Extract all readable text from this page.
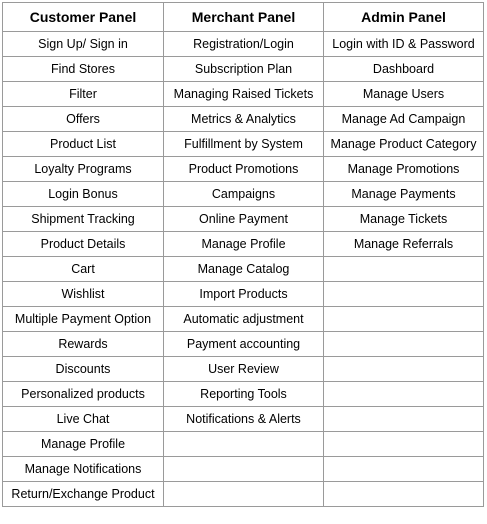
Customer Panel	Merchant Panel	Admin Panel
Sign Up/ Sign in	Registration/Login	Login with ID & Password
Find Stores	Subscription Plan	Dashboard
Filter	Managing Raised Tickets	Manage Users
Offers	Metrics & Analytics	Manage Ad Campaign
Product List	Fulfillment by System	Manage Product Category
Loyalty Programs	Product Promotions	Manage Promotions
Login Bonus	Campaigns	Manage Payments
Shipment Tracking	Online Payment	Manage Tickets
Product Details	Manage Profile	Manage Referrals
Cart	Manage Catalog	
Wishlist	Import Products	
Multiple Payment Option	Automatic adjustment	
Rewards	Payment accounting	
Discounts	User Review	
Personalized products	Reporting Tools	
Live Chat	Notifications & Alerts	
Manage Profile		
Manage Notifications		
Return/Exchange Product		
